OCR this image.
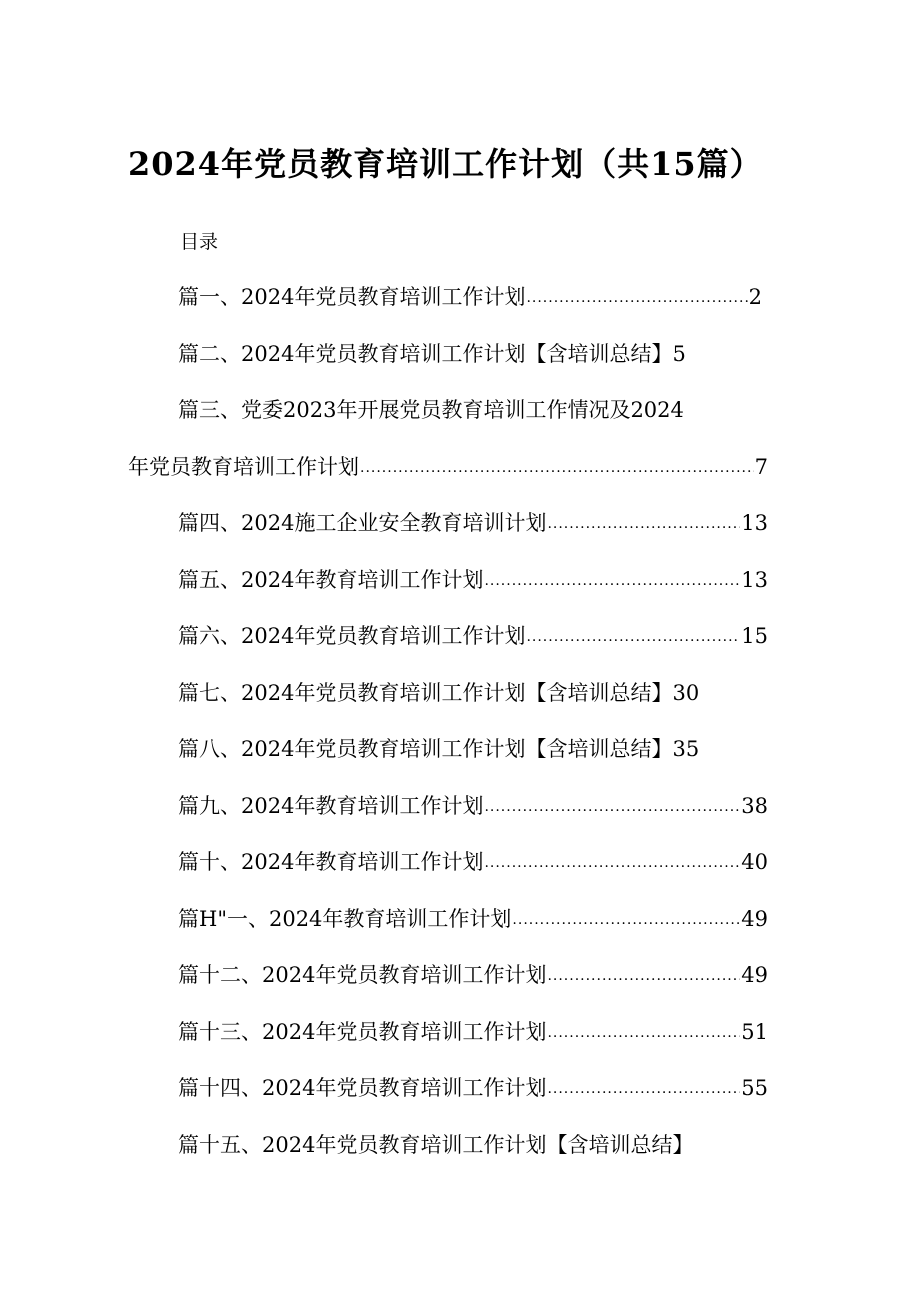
2024年党员教育培训工作计划（共15篇）
目录
篇一、2024年党员教育培训工作计划 .....	2
篇二、2024年党员教育培训工作计划【含培训总结】 5
篇三、党委2023年开展党员教育培训工作情况及2024
年党员教育培训工作计划 .....	7
篇四、2024施工企业安全教育培训计划 .....	13
篇五、2024年教育培训工作计划 .....	13
篇六、2024年党员教育培训工作计划 .....	15
篇七、2024年党员教育培训工作计划【含培训总结】 30
篇八、2024年党员教育培训工作计划【含培训总结】 35
篇九、2024年教育培训工作计划 .....	38
篇十、2024年教育培训工作计划 .....	40
篇H"一、2024年教育培训工作计划 .....	49
篇十二、2024年党员教育培训工作计划 .....	49
篇十三、2024年党员教育培训工作计划 .....	51
篇十四、2024年党员教育培训工作计划 .....	55
篇十五、2024年党员教育培训工作计划【含培训总结】
